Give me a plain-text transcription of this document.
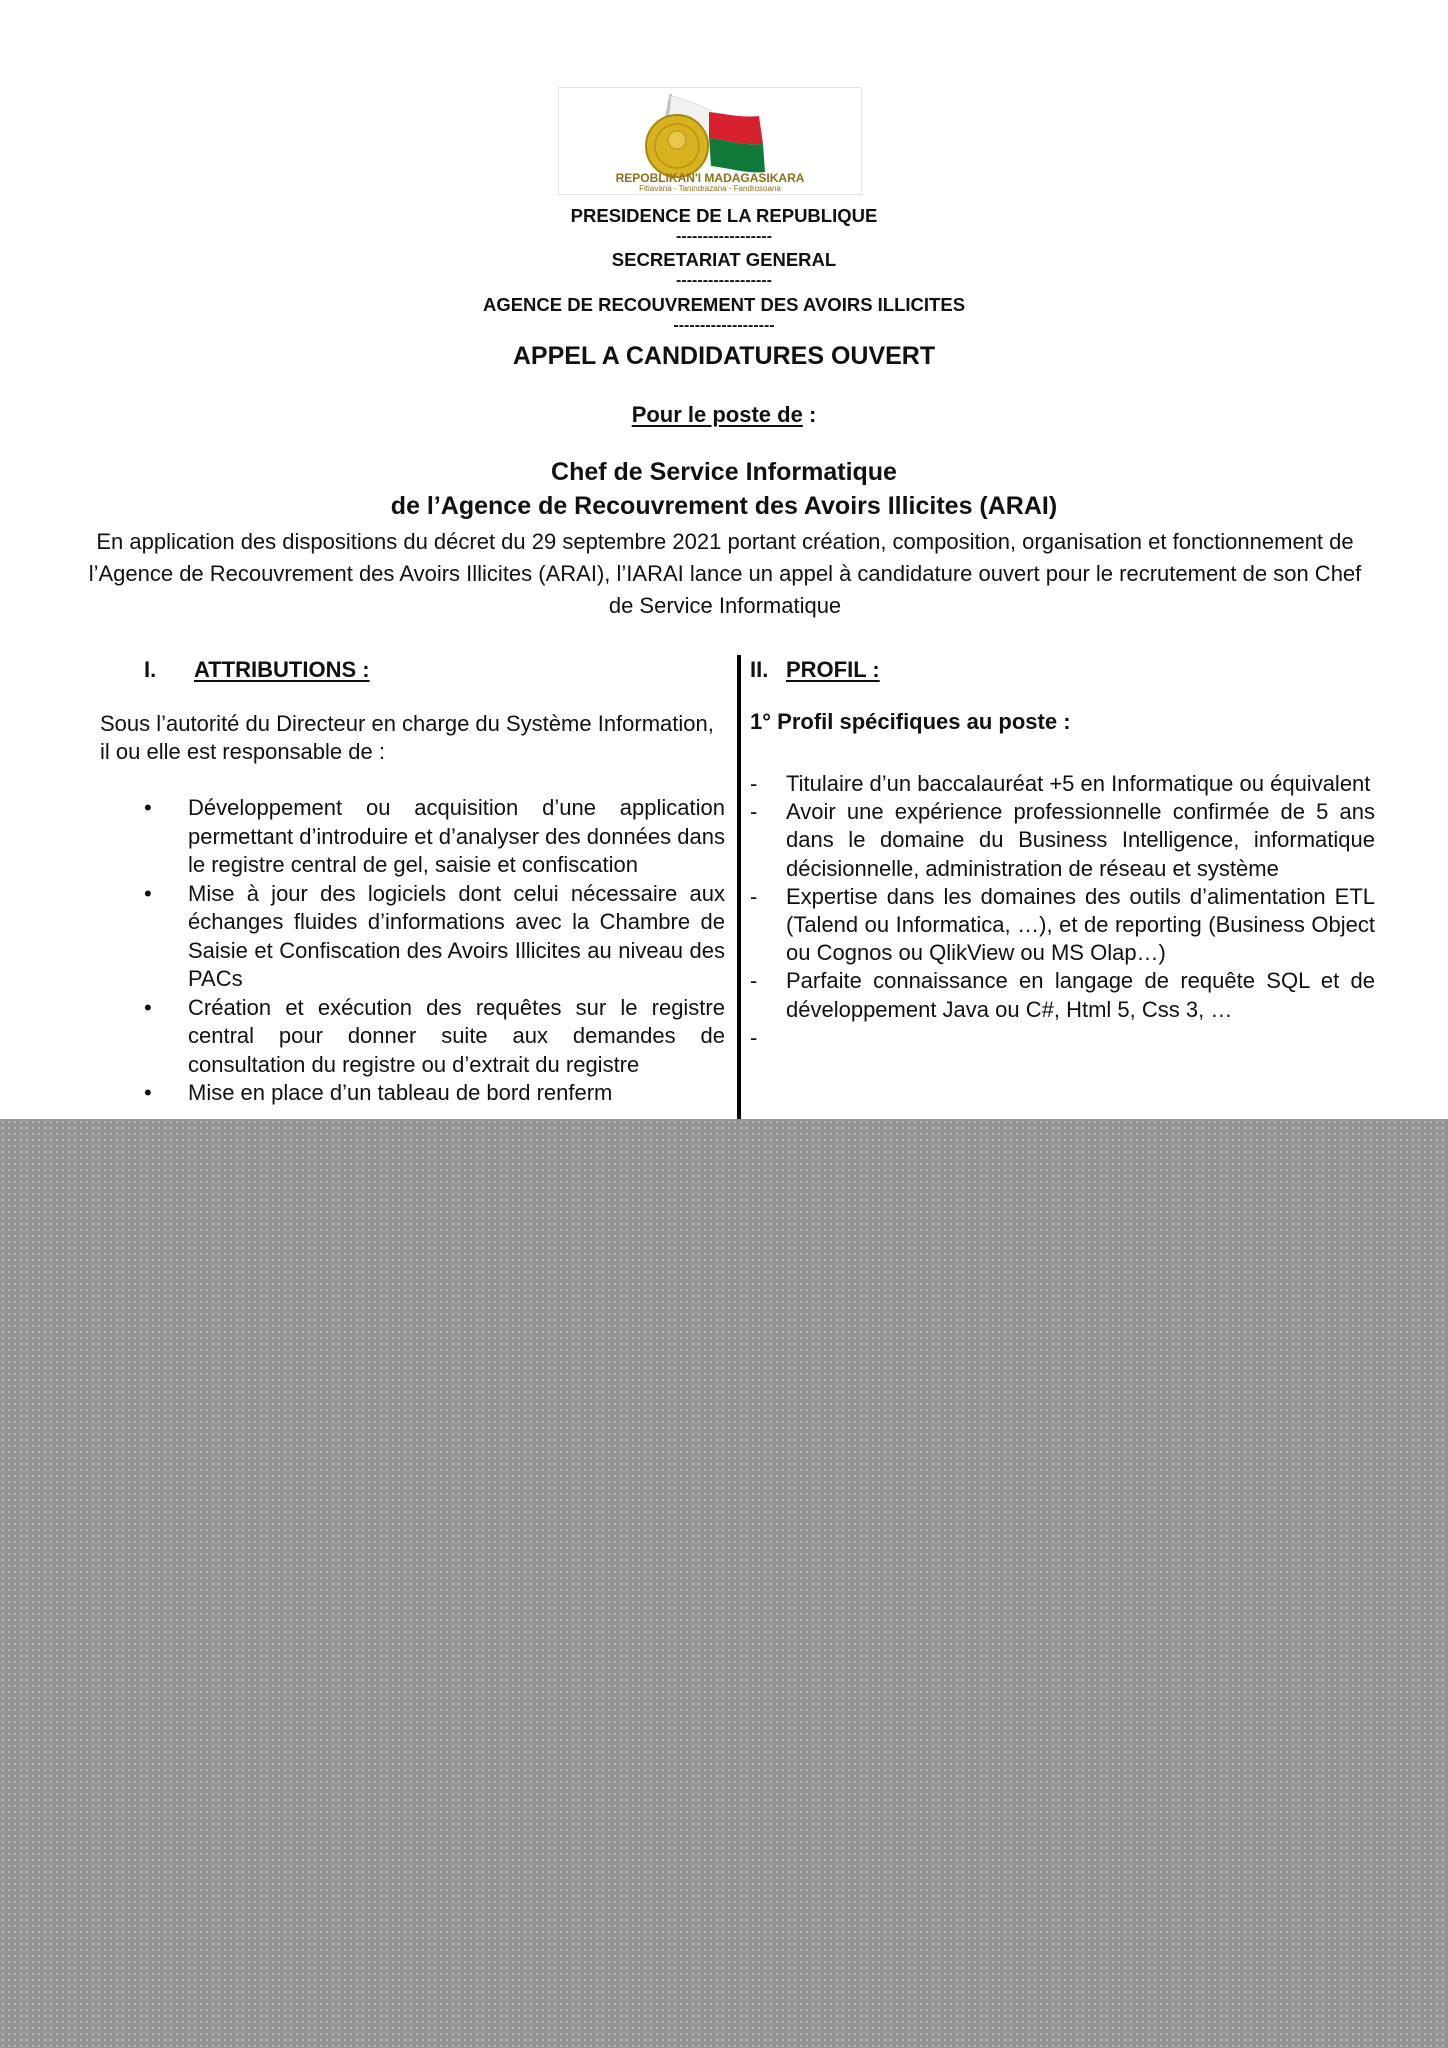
REPOBLIKAN'I MADAGASIKARA
Fitiavana - Tanindrazana - Fandrosoana
PRESIDENCE DE LA REPUBLIQUE
------------------
SECRETARIAT GENERAL
------------------
AGENCE DE RECOUVREMENT DES AVOIRS ILLICITES
-------------------
APPEL A CANDIDATURES OUVERT
Pour le poste de :
Chef de Service Informatique
de l’Agence de Recouvrement des Avoirs Illicites (ARAI)
En application des dispositions du décret du 29 septembre 2021 portant création, composition, organisation et fonctionnement de l’Agence de Recouvrement des Avoirs Illicites (ARAI), l’IARAI lance un appel à candidature ouvert pour le recrutement de son Chef de Service Informatique
I. ATTRIBUTIONS :
Sous l’autorité du Directeur en charge du Système Information, il ou elle est responsable de :
• Développement ou acquisition d’une application permettant d’introduire et d’analyser des données dans le registre central de gel, saisie et confiscation
• Mise à jour des logiciels dont celui nécessaire aux échanges fluides d’informations avec la Chambre de Saisie et Confiscation des Avoirs Illicites au niveau des PACs
• Création et exécution des requêtes sur le registre central pour donner suite aux demandes de consultation du registre ou d’extrait du registre
• Mise en place d’un tableau de bord renferm
II. PROFIL :
1° Profil spécifiques au poste :
- Titulaire d’un baccalauréat +5 en Informatique ou équivalent
- Avoir une expérience professionnelle confirmée de 5 ans dans le domaine du Business Intelligence, informatique décisionnelle, administration de réseau et système
- Expertise dans les domaines des outils d’alimentation ETL (Talend ou Informatica, …), et de reporting (Business Object ou Cognos ou QlikView ou MS Olap…)
- Parfaite connaissance en langage de requête SQL et de développement Java ou C#, Html 5, Css 3, …
-
